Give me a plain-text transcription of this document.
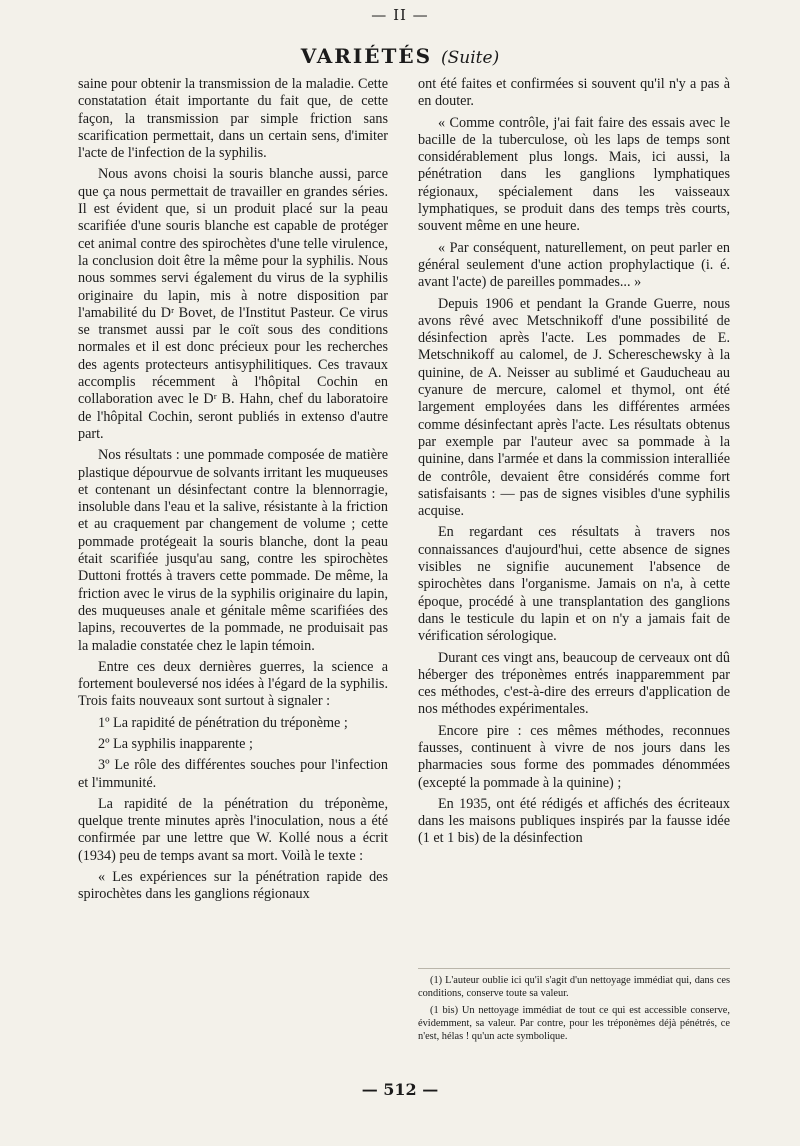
— II —
VARIÉTÉS (Suite)

saine pour obtenir la transmission de la maladie. Cette constatation était importante du fait que, de cette façon, la transmission par simple friction sans scarification permettait, dans un certain sens, d'imiter l'acte de l'infection de la syphilis.

Nous avons choisi la souris blanche aussi, parce que ça nous permettait de travailler en grandes séries. Il est évident que, si un produit placé sur la peau scarifiée d'une souris blanche est capable de protéger cet animal contre des spirochètes d'une telle virulence, la conclusion doit être la même pour la syphilis. Nous nous sommes servi également du virus de la syphilis originaire du lapin, mis à notre disposition par l'amabilité du Dʳ Bovet, de l'Institut Pasteur. Ce virus se transmet aussi par le coït sous des conditions normales et il est donc précieux pour les recherches des agents protecteurs antisyphilitiques. Ces travaux accomplis récemment à l'hôpital Cochin en collaboration avec le Dʳ B. Hahn, chef du laboratoire de l'hôpital Cochin, seront publiés in extenso d'autre part.

Nos résultats : une pommade composée de matière plastique dépourvue de solvants irritant les muqueuses et contenant un désinfectant contre la blennorragie, insoluble dans l'eau et la salive, résistante à la friction et au craquement par changement de volume ; cette pommade protégeait la souris blanche, dont la peau était scarifiée jusqu'au sang, contre les spirochètes Duttoni frottés à travers cette pommade. De même, la friction avec le virus de la syphilis originaire du lapin, des muqueuses anale et génitale même scarifiées des lapins, recouvertes de la pommade, ne produisait pas la maladie constatée chez le lapin témoin.

Entre ces deux dernières guerres, la science a fortement bouleversé nos idées à l'égard de la syphilis. Trois faits nouveaux sont surtout à signaler :

1º La rapidité de pénétration du tréponème ;

2º La syphilis inapparente ;

3º Le rôle des différentes souches pour l'infection et l'immunité.

La rapidité de la pénétration du tréponème, quelque trente minutes après l'inoculation, nous a été confirmée par une lettre que W. Kollé nous a écrit (1934) peu de temps avant sa mort. Voilà le texte :

« Les expériences sur la pénétration rapide des spirochètes dans les ganglions régionaux

ont été faites et confirmées si souvent qu'il n'y a pas à en douter.

« Comme contrôle, j'ai fait faire des essais avec le bacille de la tuberculose, où les laps de temps sont considérablement plus longs. Mais, ici aussi, la pénétration dans les ganglions lymphatiques régionaux, spécialement dans les vaisseaux lymphatiques, se produit dans des temps très courts, souvent même en une heure.

« Par conséquent, naturellement, on peut parler en général seulement d'une action prophylactique (i. é. avant l'acte) de pareilles pommades... »

Depuis 1906 et pendant la Grande Guerre, nous avons rêvé avec Metschnikoff d'une possibilité de désinfection après l'acte. Les pommades de E. Metschnikoff au calomel, de J. Schereschewsky à la quinine, de A. Neisser au sublimé et Gauducheau au cyanure de mercure, calomel et thymol, ont été largement employées dans les différentes armées comme désinfectant après l'acte. Les résultats obtenus par exemple par l'auteur avec sa pommade à la quinine, dans l'armée et dans la commission interalliée de contrôle, devaient être considérés comme fort satisfaisants : — pas de signes visibles d'une syphilis acquise.

En regardant ces résultats à travers nos connaissances d'aujourd'hui, cette absence de signes visibles ne signifie aucunement l'absence de spirochètes dans l'organisme. Jamais on n'a, à cette époque, procédé à une transplantation des ganglions dans le testicule du lapin et on n'y a jamais fait de vérification sérologique.

Durant ces vingt ans, beaucoup de cerveaux ont dû héberger des tréponèmes entrés inapparemment par ces méthodes, c'est-à-dire des erreurs d'application de nos méthodes expérimentales.

Encore pire : ces mêmes méthodes, reconnues fausses, continuent à vivre de nos jours dans les pharmacies sous forme des pommades dénommées (excepté la pommade à la quinine) ;

En 1935, ont été rédigés et affichés des écriteaux dans les maisons publiques inspirés par la fausse idée (1 et 1 bis) de la désinfection

(1) L'auteur oublie ici qu'il s'agit d'un nettoyage immédiat qui, dans ces conditions, conserve toute sa valeur.

(1 bis) Un nettoyage immédiat de tout ce qui est accessible conserve, évidemment, sa valeur. Par contre, pour les tréponèmes déjà pénétrés, ce n'est, hélas ! qu'un acte symbolique.

— 512 —
